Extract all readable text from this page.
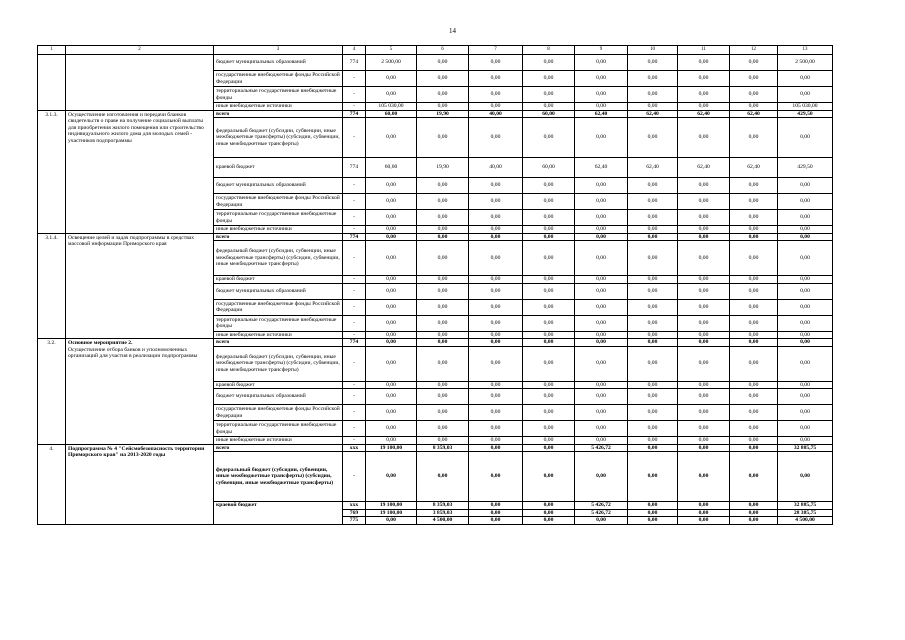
14
1	2	3	4	5	6	7	8	9	10	11	12	13
		бюджет муниципальных образований	774	2 500,00	0,00	0,00	0,00	0,00	0,00	0,00	0,00	2 500,00
		государственные внебюджетные фонды Российской Федерации	-	0,00	0,00	0,00	0,00	0,00	0,00	0,00	0,00	0,00
		территориальные государственные внебюджетные фонды	-	0,00	0,00	0,00	0,00	0,00	0,00	0,00	0,00	0,00
		иные внебюджетные источники	-	105 030,00	0,00	0,00	0,00	0,00	0,00	0,00	0,00	105 030,00
3.1.3.	Осуществление изготовления и передачи бланков свидетельств о праве на получение социальной выплаты для приобретения жилого помещения или строительство индивидуального жилого дома для молодых семей - участников подпрограммы	всего	774	60,00	19,90	40,00	60,00	62,40	62,40	62,40	62,40	429,50
		федеральный бюджет (субсидии, субвенции, иные межбюджетные трансферты) (субсидии, субвенции, иные межбюджетные трансферты)	-	0,00	0,00	0,00	0,00	0,00	0,00	0,00	0,00	0,00
		краевой бюджет	774	60,00	19,90	40,00	60,00	62,40	62,40	62,40	62,40	429,50
		бюджет муниципальных образований	-	0,00	0,00	0,00	0,00	0,00	0,00	0,00	0,00	0,00
		государственные внебюджетные фонды Российской Федерации	-	0,00	0,00	0,00	0,00	0,00	0,00	0,00	0,00	0,00
		территориальные государственные внебюджетные фонды	-	0,00	0,00	0,00	0,00	0,00	0,00	0,00	0,00	0,00
		иные внебюджетные источники	-	0,00	0,00	0,00	0,00	0,00	0,00	0,00	0,00	0,00
3.1.4.	Освещение целей и задач подпрограммы в средствах массовой информации Приморского края	всего	774	0,00	0,00	0,00	0,00	0,00	0,00	0,00	0,00	0,00
		федеральный бюджет (субсидии, субвенции, иные межбюджетные трансферты) (субсидии, субвенции, иные межбюджетные трансферты)	-	0,00	0,00	0,00	0,00	0,00	0,00	0,00	0,00	0,00
		краевой бюджет	-	0,00	0,00	0,00	0,00	0,00	0,00	0,00	0,00	0,00
		бюджет муниципальных образований	-	0,00	0,00	0,00	0,00	0,00	0,00	0,00	0,00	0,00
		государственные внебюджетные фонды Российской Федерации	-	0,00	0,00	0,00	0,00	0,00	0,00	0,00	0,00	0,00
		территориальные государственные внебюджетные фонды	-	0,00	0,00	0,00	0,00	0,00	0,00	0,00	0,00	0,00
		иные внебюджетные источники	-	0,00	0,00	0,00	0,00	0,00	0,00	0,00	0,00	0,00
3.2.	Основное мероприятие 2.
Осуществление отбора банков и уполномоченных организаций для участия в реализации подпрограммы	всего	774	0,00	0,00	0,00	0,00	0,00	0,00	0,00	0,00	0,00
		федеральный бюджет (субсидии, субвенции, иные межбюджетные трансферты) (субсидии, субвенции, иные межбюджетные трансферты)	-	0,00	0,00	0,00	0,00	0,00	0,00	0,00	0,00	0,00
		краевой бюджет	-	0,00	0,00	0,00	0,00	0,00	0,00	0,00	0,00	0,00
		бюджет муниципальных образований	-	0,00	0,00	0,00	0,00	0,00	0,00	0,00	0,00	0,00
		государственные внебюджетные фонды Российской Федерации	-	0,00	0,00	0,00	0,00	0,00	0,00	0,00	0,00	0,00
		территориальные государственные внебюджетные фонды	-	0,00	0,00	0,00	0,00	0,00	0,00	0,00	0,00	0,00
		иные внебюджетные источники	-	0,00	0,00	0,00	0,00	0,00	0,00	0,00	0,00	0,00
4.	Подпрограмма № 4 "Сейсмобезопасность территории Приморского края" на 2013-2020 годы	всего	ххх	19 100,00	8 359,03	0,00	0,00	5 426,72	0,00	0,00	0,00	32 885,75
		федеральный бюджет (субсидии, субвенции, иные межбюджетные трансферты) (субсидии, субвенции, иные межбюджетные трансферты)	-	0,00	0,00	0,00	0,00	0,00	0,00	0,00	0,00	0,00
		краевой бюджет	ххх	19 100,00	8 359,03	0,00	0,00	5 426,72	0,00	0,00	0,00	32 885,75
			769	19 100,00	3 859,03	0,00	0,00	5 426,72	0,00	0,00	0,00	28 385,75
			775	0,00	4 500,00	0,00	0,00	0,00	0,00	0,00	0,00	4 500,00
